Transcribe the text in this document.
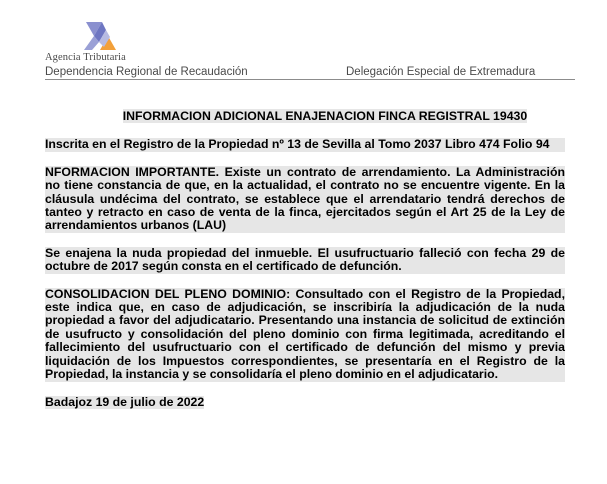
Agencia Tributaria
Dependencia Regional de Recaudación	Delegación Especial de Extremadura
INFORMACION ADICIONAL ENAJENACION FINCA REGISTRAL 19430

Inscrita en el Registro de la Propiedad nº 13 de Sevilla al Tomo 2037 Libro 474 Folio 94

NFORMACION IMPORTANTE. Existe un contrato de arrendamiento. La Administración no tiene constancia de que, en la actualidad, el contrato no se encuentre vigente. En la cláusula undécima del contrato, se establece que el arrendatario tendrá derechos de tanteo y retracto en caso de venta de la finca, ejercitados según el Art 25 de la Ley de arrendamientos urbanos (LAU)

Se enajena la nuda propiedad del inmueble. El usufructuario falleció con fecha 29 de octubre de 2017 según consta en el certificado de defunción.

CONSOLIDACION DEL PLENO DOMINIO: Consultado con el Registro de la Propiedad, este indica que, en caso de adjudicación, se inscribiría la adjudicación de la nuda propiedad a favor del adjudicatario. Presentando una instancia de solicitud de extinción de usufructo y consolidación del pleno dominio con firma legitimada, acreditando el fallecimiento del usufructuario con el certificado de defunción del mismo y previa liquidación de los Impuestos correspondientes, se presentaría en el Registro de la Propiedad, la instancia y se consolidaría el pleno dominio en el adjudicatario.

Badajoz 19 de julio de 2022
